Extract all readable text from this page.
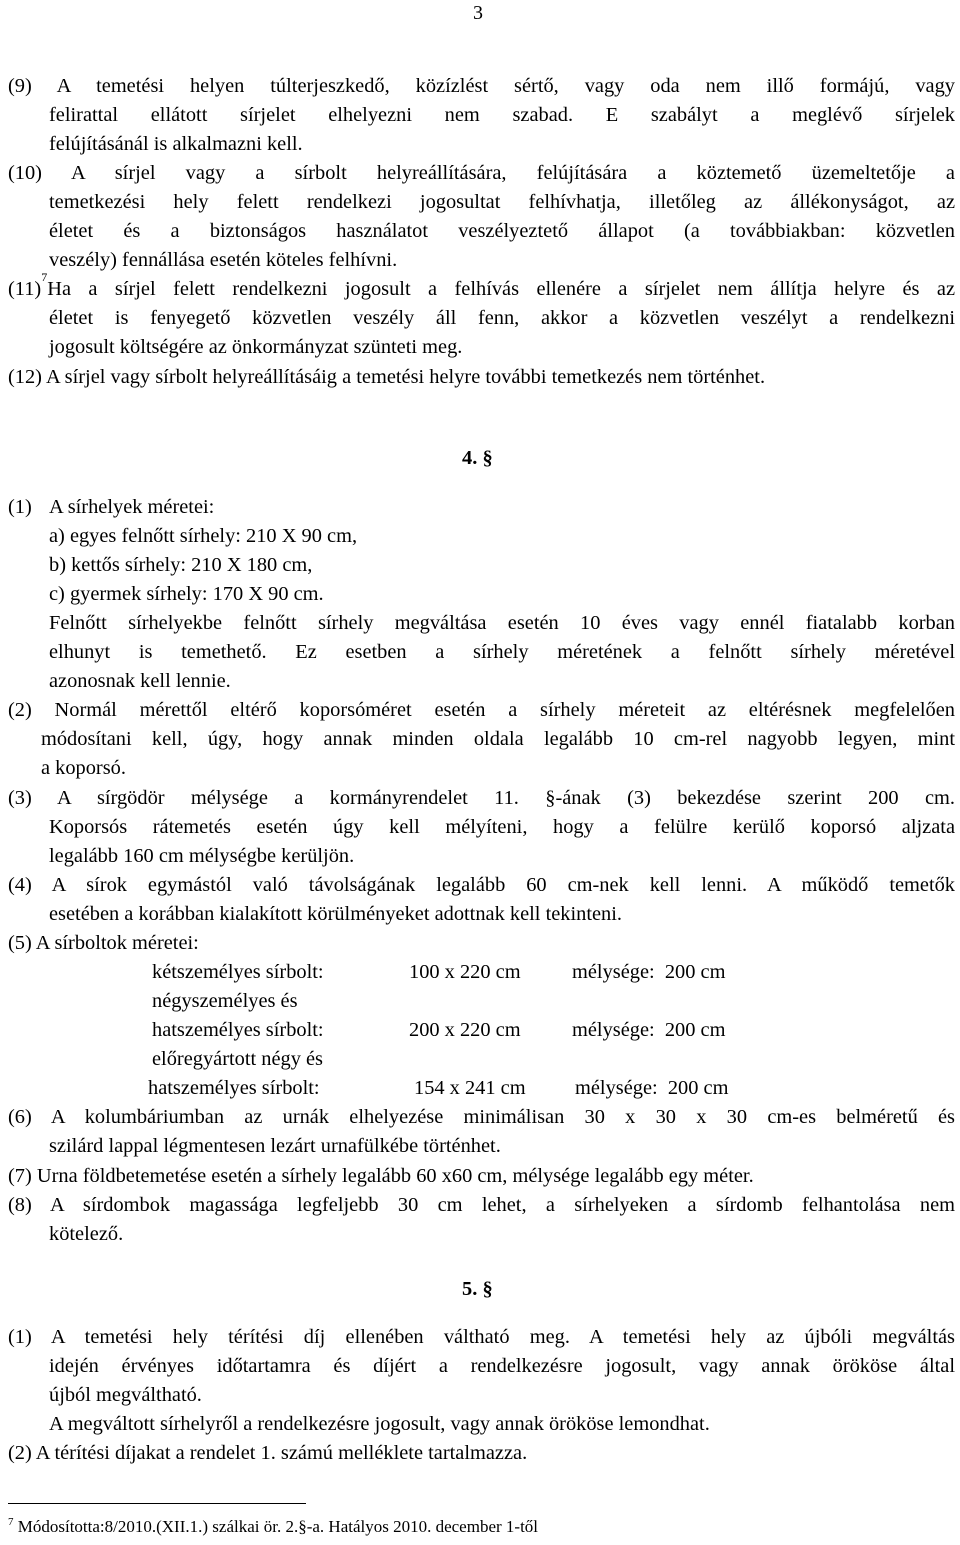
3
(9) A temetési helyen túlterjeszkedő, közízlést sértő, vagy oda nem illő formájú, vagy
felirattal ellátott sírjelet elhelyezni nem szabad. E szabályt a meglévő sírjelek
felújításánál is alkalmazni kell.
(10) A sírjel vagy a sírbolt helyreállítására, felújítására a köztemető üzemeltetője a
temetkezési hely felett rendelkezi jogosultat felhívhatja, illetőleg az állékonyságot, az
életet és a biztonságos használatot veszélyeztető állapot (a továbbiakban: közvetlen
veszély) fennállása esetén köteles felhívni.
(11)
7
Ha a sírjel felett rendelkezni jogosult a felhívás ellenére a sírjelet nem állítja helyre és az
életet is fenyegető közvetlen veszély áll fenn, akkor a közvetlen veszélyt a rendelkezni
jogosult költségére az önkormányzat szünteti meg.
(12) A sírjel vagy sírbolt helyreállításáig a temetési helyre további temetkezés nem történhet.
4. §
(1) A sírhelyek méretei:
a) egyes felnőtt sírhely: 210 X 90 cm,
b) kettős sírhely: 210 X 180 cm,
c) gyermek sírhely: 170 X 90 cm.
Felnőtt sírhelyekbe felnőtt sírhely megváltása esetén 10 éves vagy ennél fiatalabb korban
elhunyt is temethető. Ez esetben a sírhely méretének a felnőtt sírhely méretével
azonosnak kell lennie.
(2) Normál mérettől eltérő koporsóméret esetén a sírhely méreteit az eltérésnek megfelelően
módosítani kell, úgy, hogy annak minden oldala legalább 10 cm-rel nagyobb legyen, mint
a koporsó.
(3) A sírgödör mélysége a kormányrendelet 11. §-ának (3) bekezdése szerint 200 cm.
Koporsós rátemetés esetén úgy kell mélyíteni, hogy a felülre kerülő koporsó aljzata
legalább 160 cm mélységbe kerüljön.
(4) A sírok egymástól való távolságának legalább 60 cm-nek kell lenni. A működő temetők
esetében a korábban kialakított körülményeket adottnak kell tekinteni.
(5) A sírboltok méretei:
kétszemélyes sírbolt:	100 x 220 cm	mélysége:  200 cm
négyszemélyes és
hatszemélyes sírbolt:	200 x 220 cm	mélysége:  200 cm
előregyártott négy és
hatszemélyes sírbolt:	154 x 241 cm mélysége:  200 cm
(6) A kolumbáriumban az urnák elhelyezése minimálisan 30 x 30 x 30 cm-es belméretű és
szilárd lappal légmentesen lezárt urnafülkébe történhet.
(7) Urna földbetemetése esetén a sírhely legalább 60 x60 cm, mélysége legalább egy méter.
(8) A sírdombok magassága legfeljebb 30 cm lehet, a sírhelyeken a sírdomb felhantolása nem
kötelező.
5. §
(1) A temetési hely térítési díj ellenében váltható meg. A temetési hely az újbóli megváltás
idején érvényes időtartamra és díjért a rendelkezésre jogosult, vagy annak örököse által
újból megváltható.
A megváltott sírhelyről a rendelkezésre jogosult, vagy annak örököse lemondhat.
(2) A térítési díjakat a rendelet 1. számú melléklete tartalmazza.
$^7$ Módosította:8/2010.(XII.1.) szálkai ör. 2.§-a. Hatályos 2010. december 1-től
